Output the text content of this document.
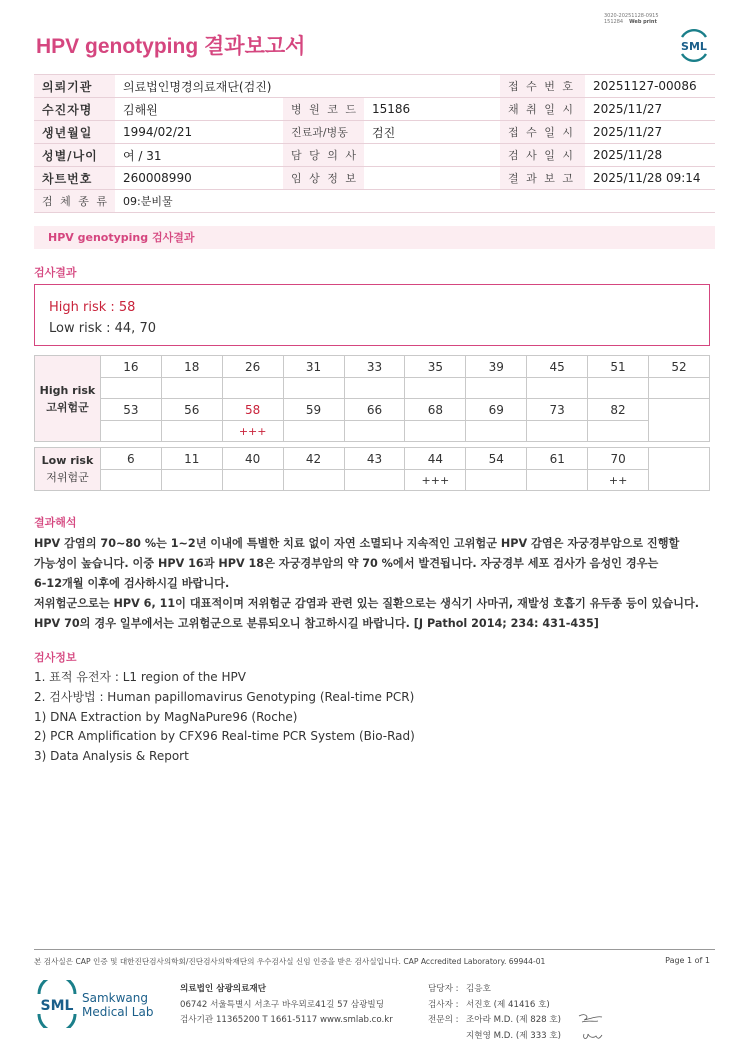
3020-20251128-0915
151284 Web print
HPV genotyping 결과보고서	SML
의뢰기관	의료법인명경의료재단(검진)			접 수 번 호	20251127-00086
수진자명	김해원	병 원 코 드	15186	채 취 일 시	2025/11/27
생년월일	1994/02/21	진료과/병동	검진	접 수 일 시	2025/11/27
성별/나이	여 / 31	담 당 의 사		검 사 일 시	2025/11/28
차트번호	260008990	임 상 정 보		결 과 보 고	2025/11/28 09:14
검 체 종 류	09:분비물				
HPV genotyping 검사결과
검사결과
High risk : 58
Low risk : 44, 70
High risk
고위험군	16	18	26	31	33	35	39	45	51	52

	53	56	58	59	66	68	69	73	82	
			+++							
Low risk
저위험군	6	11	40	42	43	44	54	61	70	
						+++			++	
결과해석
HPV 감염의 70~80 %는 1~2년 이내에 특별한 치료 없이 자연 소멸되나 지속적인 고위험군 HPV 감염은 자궁경부암으로 진행할
가능성이 높습니다. 이중 HPV 16과 HPV 18은 자궁경부암의 약 70 %에서 발견됩니다. 자궁경부 세포 검사가 음성인 경우는
6-12개월 이후에 검사하시길 바랍니다.
저위험군으로는 HPV 6, 11이 대표적이며 저위험군 감염과 관련 있는 질환으로는 생식기 사마귀, 재발성 호흡기 유두종 등이 있습니다.
HPV 70의 경우 일부에서는 고위험군으로 분류되오니 참고하시길 바랍니다. [J Pathol 2014; 234: 431-435]
검사정보
1. 표적 유전자 : L1 region of the HPV
2. 검사방법 : Human papillomavirus Genotyping (Real-time PCR)
1) DNA Extraction by MagNaPure96 (Roche)
2) PCR Amplification by CFX96 Real-time PCR System (Bio-Rad)
3) Data Analysis & Report
본 검사실은 CAP 인증 및 대한진단검사의학회/진단검사의학재단의 우수검사실 신임 인증을 받은 검사실입니다. CAP Accredited Laboratory. 69944-01	Page 1 of 1
SML Samkwang
Medical Lab
의료법인 삼광의료재단
06742 서울특별시 서초구 바우뫼로41길 57 삼광빌딩
검사기관 11365200 T 1661-5117 www.smlab.co.kr
담당자 : 김응호
검사자 : 서진호 (제 41416 호)
전문의 : 조아라 M.D. (제 828 호)
지현영 M.D. (제 333 호)
